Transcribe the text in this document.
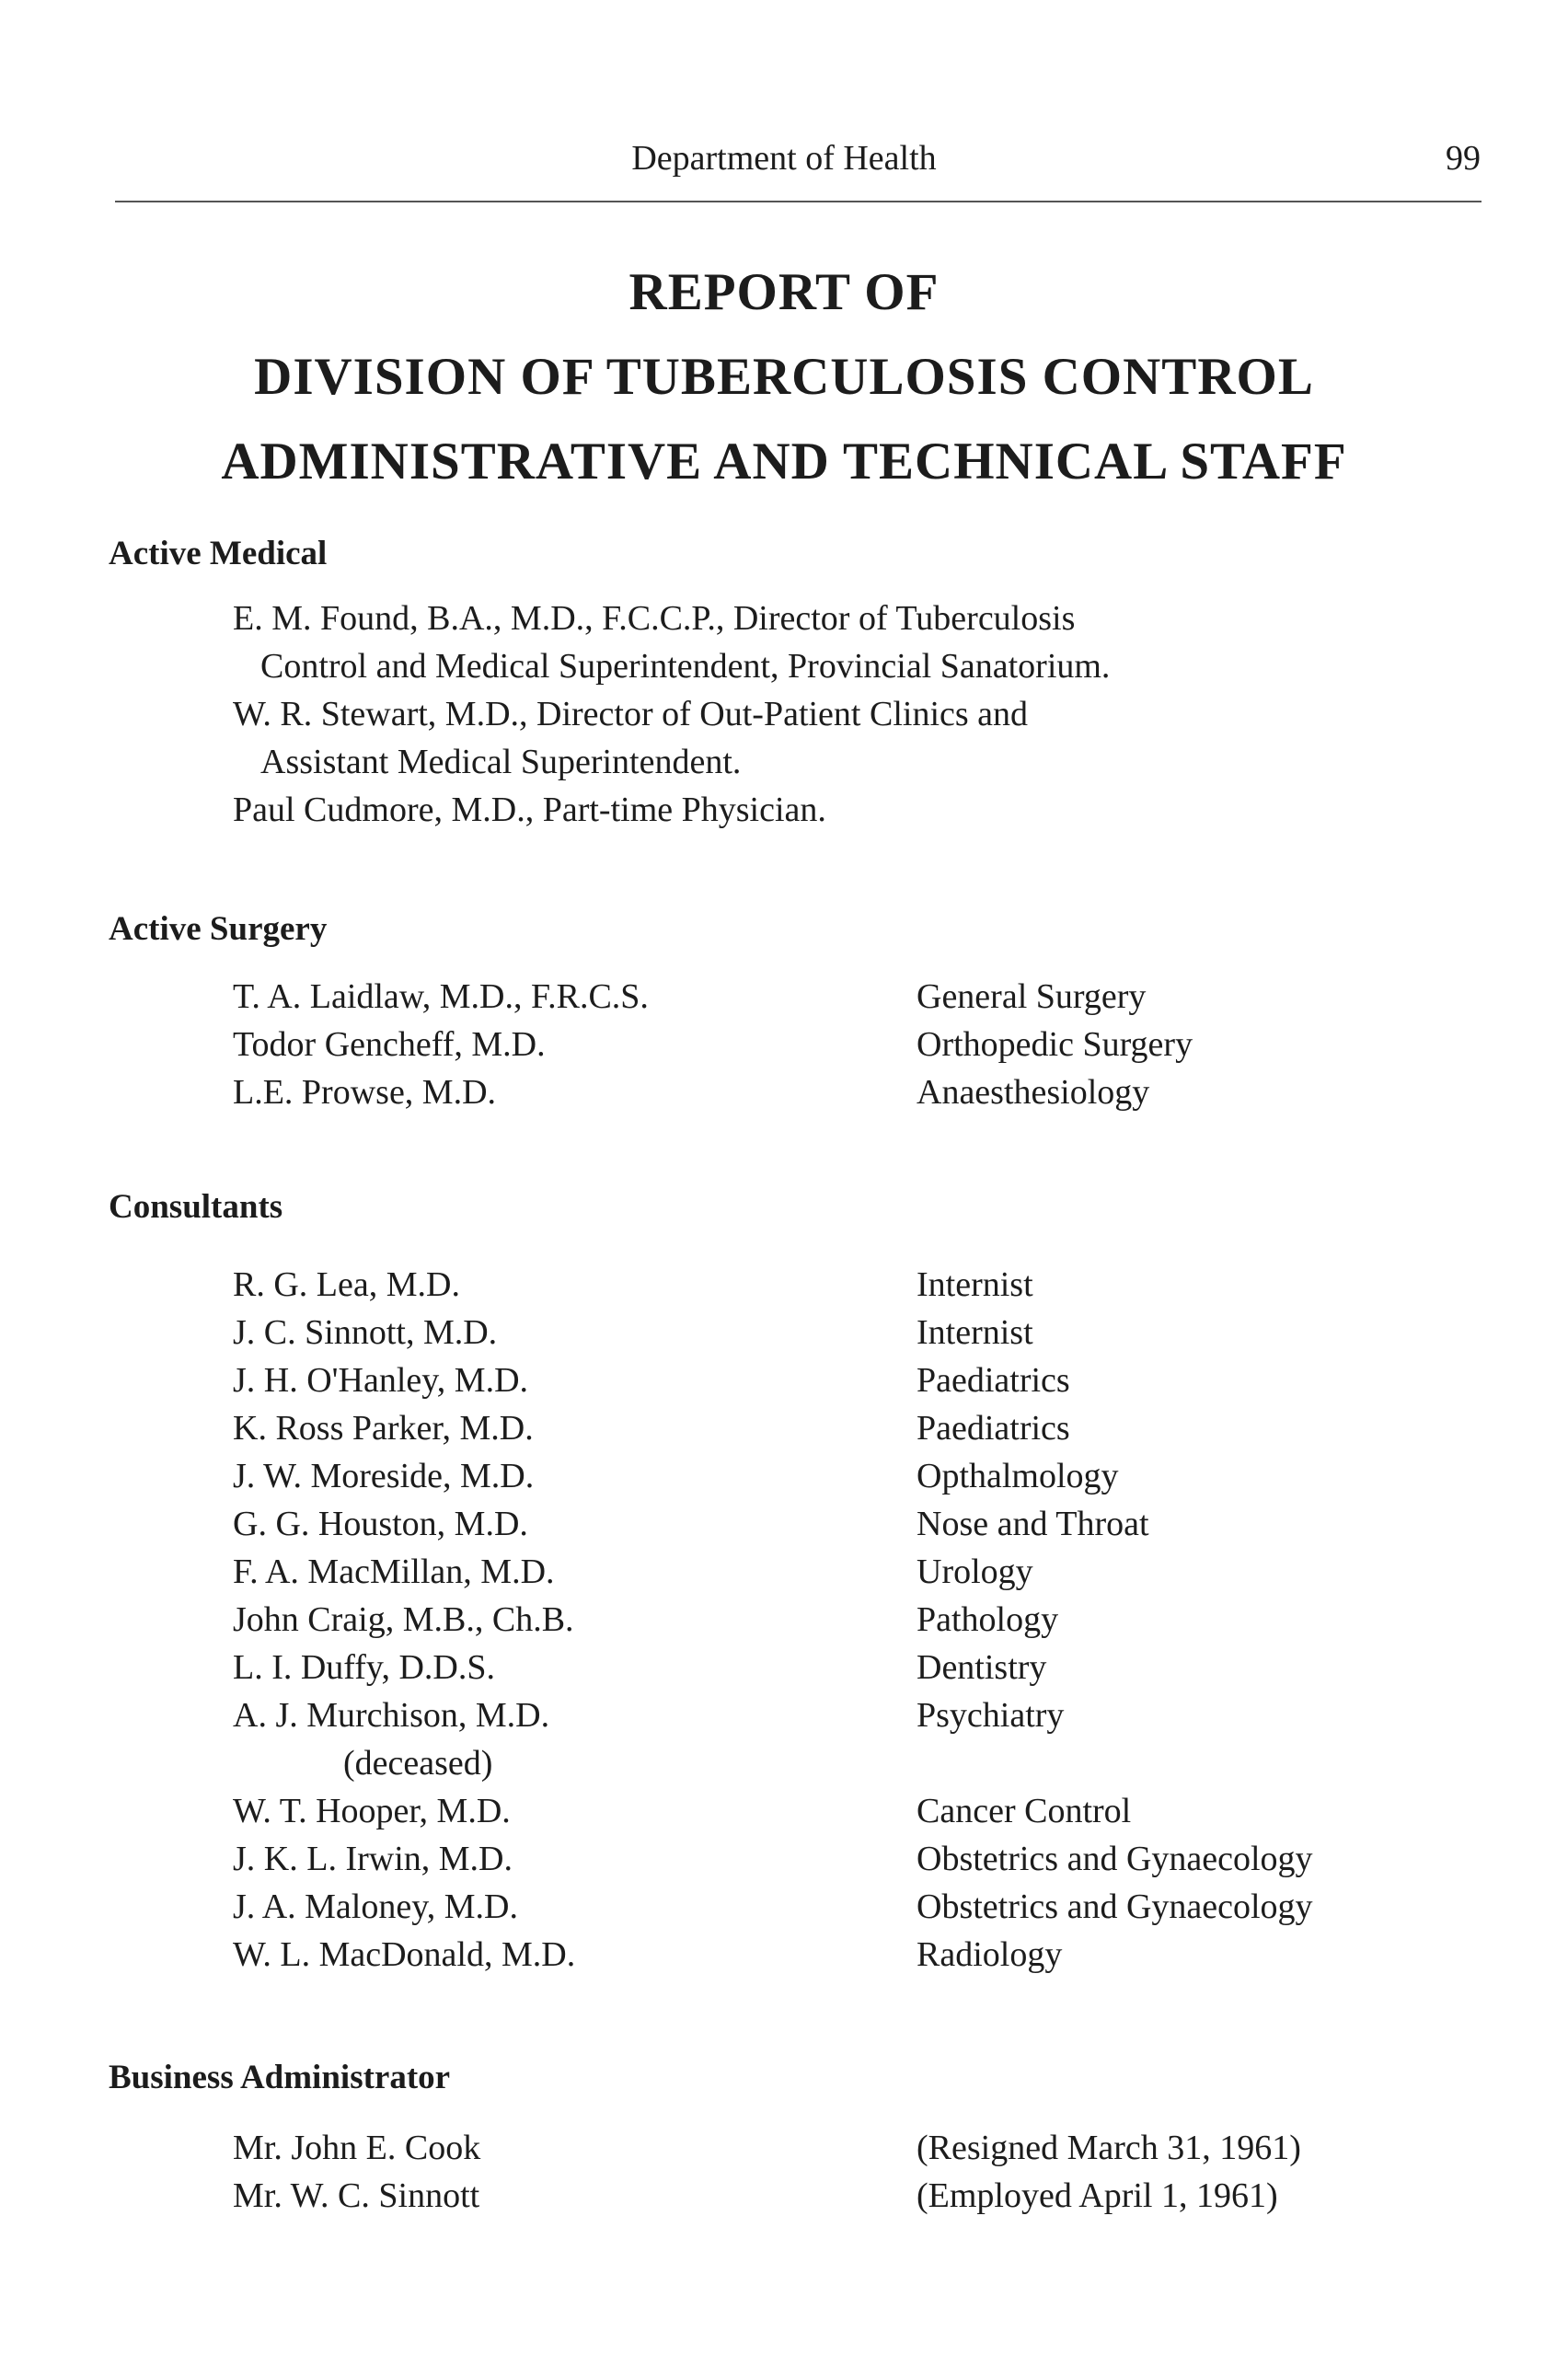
Department of Health	99
REPORT OF
DIVISION OF TUBERCULOSIS CONTROL
ADMINISTRATIVE AND TECHNICAL STAFF
Active Medical
E. M. Found, B.A., M.D., F.C.C.P., Director of Tuberculosis
Control and Medical Superintendent, Provincial Sanatorium.
W. R. Stewart, M.D., Director of Out-Patient Clinics and
Assistant Medical Superintendent.
Paul Cudmore, M.D., Part-time Physician.
Active Surgery
T. A. Laidlaw, M.D., F.R.C.S.	General Surgery
Todor Gencheff, M.D.	Orthopedic Surgery
L.E. Prowse, M.D.	Anaesthesiology
Consultants
R. G. Lea, M.D.	Internist
J. C. Sinnott, M.D.	Internist
J. H. O'Hanley, M.D.	Paediatrics
K. Ross Parker, M.D.	Paediatrics
J. W. Moreside, M.D.	Opthalmology
G. G. Houston, M.D.	Nose and Throat
F. A. MacMillan, M.D.	Urology
John Craig, M.B., Ch.B.	Pathology
L. I. Duffy, D.D.S.	Dentistry
A. J. Murchison, M.D.	Psychiatry
(deceased)
W. T. Hooper, M.D.	Cancer Control
J. K. L. Irwin, M.D.	Obstetrics and Gynaecology
J. A. Maloney, M.D.	Obstetrics and Gynaecology
W. L. MacDonald, M.D.	Radiology
Business Administrator
Mr. John E. Cook	(Resigned March 31, 1961)
Mr. W. C. Sinnott	(Employed April 1, 1961)
